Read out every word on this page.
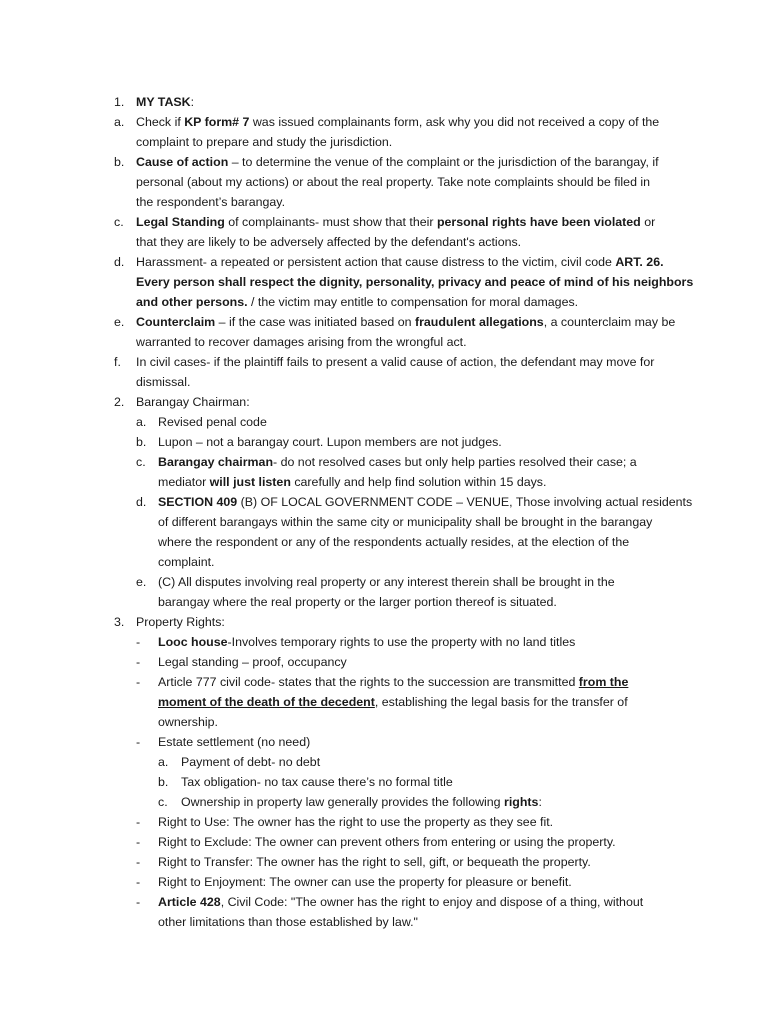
1. MY TASK:
a. Check if KP form# 7 was issued complainants form, ask why you did not received a copy of the
complaint to prepare and study the jurisdiction.
b. Cause of action – to determine the venue of the complaint or the jurisdiction of the barangay, if
personal (about my actions) or about the real property. Take note complaints should be filed in
the respondent’s barangay.
c. Legal Standing of complainants- must show that their personal rights have been violated or
that they are likely to be adversely affected by the defendant's actions.
d. Harassment- a repeated or persistent action that cause distress to the victim, civil code ART. 26.
Every person shall respect the dignity, personality, privacy and peace of mind of his neighbors
and other persons. / the victim may entitle to compensation for moral damages.
e. Counterclaim – if the case was initiated based on fraudulent allegations, a counterclaim may be
warranted to recover damages arising from the wrongful act.
f. In civil cases- if the plaintiff fails to present a valid cause of action, the defendant may move for
dismissal.
2. Barangay Chairman:
a. Revised penal code
b. Lupon – not a barangay court. Lupon members are not judges.
c. Barangay chairman- do not resolved cases but only help parties resolved their case; a
mediator will just listen carefully and help find solution within 15 days.
d. SECTION 409 (B) OF LOCAL GOVERNMENT CODE – VENUE, Those involving actual residents
of different barangays within the same city or municipality shall be brought in the barangay
where the respondent or any of the respondents actually resides, at the election of the
complaint.
e. (C) All disputes involving real property or any interest therein shall be brought in the
barangay where the real property or the larger portion thereof is situated.
3. Property Rights:
- Looc house-Involves temporary rights to use the property with no land titles
- Legal standing – proof, occupancy
- Article 777 civil code- states that the rights to the succession are transmitted from the
moment of the death of the decedent, establishing the legal basis for the transfer of
ownership.
- Estate settlement (no need)
a. Payment of debt- no debt
b. Tax obligation- no tax cause there’s no formal title
c. Ownership in property law generally provides the following rights:
- Right to Use: The owner has the right to use the property as they see fit.
- Right to Exclude: The owner can prevent others from entering or using the property.
- Right to Transfer: The owner has the right to sell, gift, or bequeath the property.
- Right to Enjoyment: The owner can use the property for pleasure or benefit.
- Article 428, Civil Code: "The owner has the right to enjoy and dispose of a thing, without
other limitations than those established by law."
